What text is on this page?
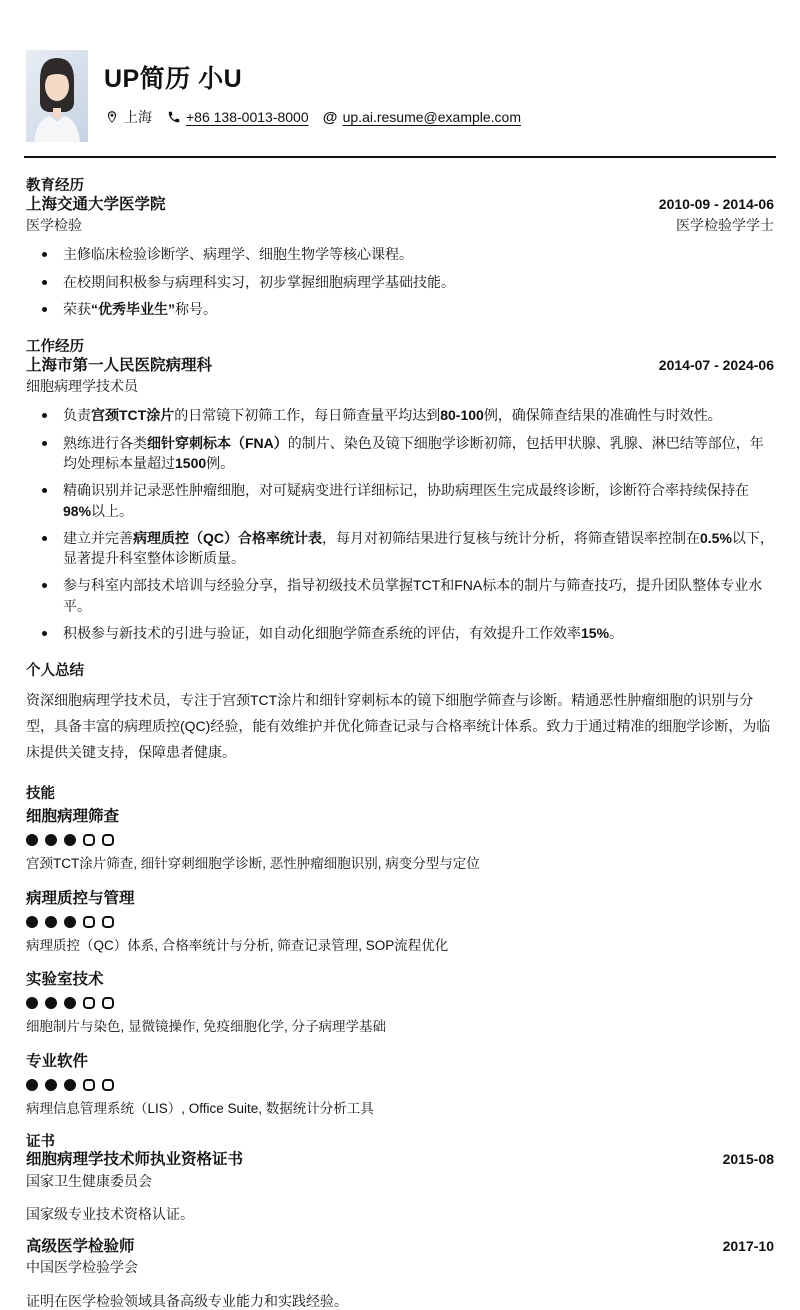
UP简历 小U
上海 +86 138-0013-8000 @ up.ai.resume@example.com
教育经历
上海交通大学医学院	2010-09 - 2014-06
医学检验	医学检验学学士
主修临床检验诊断学、病理学、细胞生物学等核心课程。
在校期间积极参与病理科实习，初步掌握细胞病理学基础技能。
荣获“优秀毕业生”称号。
工作经历
上海市第一人民医院病理科	2014-07 - 2024-06
细胞病理学技术员
负责宫颈TCT涂片的日常镜下初筛工作，每日筛查量平均达到80-100例，确保筛查结果的准确性与时效性。
熟练进行各类细针穿刺标本（FNA）的制片、染色及镜下细胞学诊断初筛，包括甲状腺、乳腺、淋巴结等部位，年均处理标本量超过1500例。
精确识别并记录恶性肿瘤细胞，对可疑病变进行详细标记，协助病理医生完成最终诊断，诊断符合率持续保持在98%以上。
建立并完善病理质控（QC）合格率统计表，每月对初筛结果进行复核与统计分析，将筛查错误率控制在0.5%以下，显著提升科室整体诊断质量。
参与科室内部技术培训与经验分享，指导初级技术员掌握TCT和FNA标本的制片与筛查技巧，提升团队整体专业水平。
积极参与新技术的引进与验证，如自动化细胞学筛查系统的评估，有效提升工作效率15%。
个人总结

资深细胞病理学技术员，专注于宫颈TCT涂片和细针穿刺标本的镜下细胞学筛查与诊断。精通恶性肿瘤细胞的识别与分型，具备丰富的病理质控(QC)经验，能有效维护并优化筛查记录与合格率统计体系。致力于通过精准的细胞学诊断，为临床提供关键支持，保障患者健康。

技能
细胞病理筛查
宫颈TCT涂片筛查, 细针穿刺细胞学诊断, 恶性肿瘤细胞识别, 病变分型与定位
病理质控与管理
病理质控（QC）体系, 合格率统计与分析, 筛查记录管理, SOP流程优化
实验室技术
细胞制片与染色, 显微镜操作, 免疫细胞化学, 分子病理学基础
专业软件
病理信息管理系统（LIS）, Office Suite, 数据统计分析工具
证书
细胞病理学技术师执业资格证书	2015-08
国家卫生健康委员会

国家级专业技术资格认证。

高级医学检验师	2017-10
中国医学检验学会

证明在医学检验领域具备高级专业能力和实践经验。
